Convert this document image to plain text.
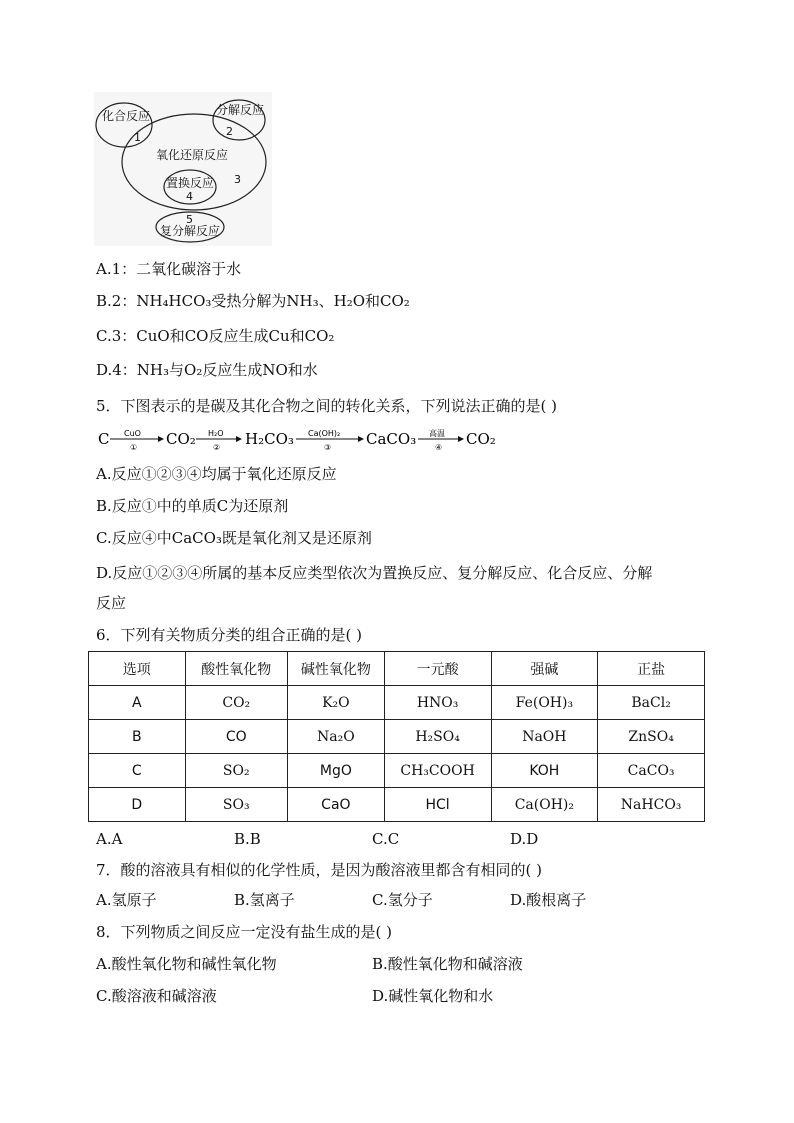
化合反应
1
分解反应
2
氧化还原反应
3
置换反应
4
5
复分解反应
A.1：二氧化碳溶于水
B.2：NH₄HCO₃受热分解为NH₃、H₂O和CO₂
C.3：CuO和CO反应生成Cu和CO₂
D.4：NH₃与O₂反应生成NO和水
5．下图表示的是碳及其化合物之间的转化关系，下列说法正确的是( )
C CuO
① CO₂ H₂O
② H₂CO₃ Ca(OH)₂
③ CaCO₃ 高温
④ CO₂
A.反应①②③④均属于氧化还原反应
B.反应①中的单质C为还原剂
C.反应④中CaCO₃既是氧化剂又是还原剂
D.反应①②③④所属的基本反应类型依次为置换反应、复分解反应、化合反应、分解
反应
6．下列有关物质分类的组合正确的是( )
选项	酸性氧化物	碱性氧化物	一元酸	强碱	正盐
A	CO₂	K₂O	HNO₃	Fe(OH)₃	BaCl₂
B	CO	Na₂O	H₂SO₄	NaOH	ZnSO₄
C	SO₂	MgO	CH₃COOH	KOH	CaCO₃
D	SO₃	CaO	HCl	Ca(OH)₂	NaHCO₃
A.A	B.B	C.C	D.D
7．酸的溶液具有相似的化学性质，是因为酸溶液里都含有相同的( )
A.氢原子	B.氢离子	C.氢分子	D.酸根离子
8．下列物质之间反应一定没有盐生成的是( )
A.酸性氧化物和碱性氧化物	B.酸性氧化物和碱溶液
C.酸溶液和碱溶液	D.碱性氧化物和水
